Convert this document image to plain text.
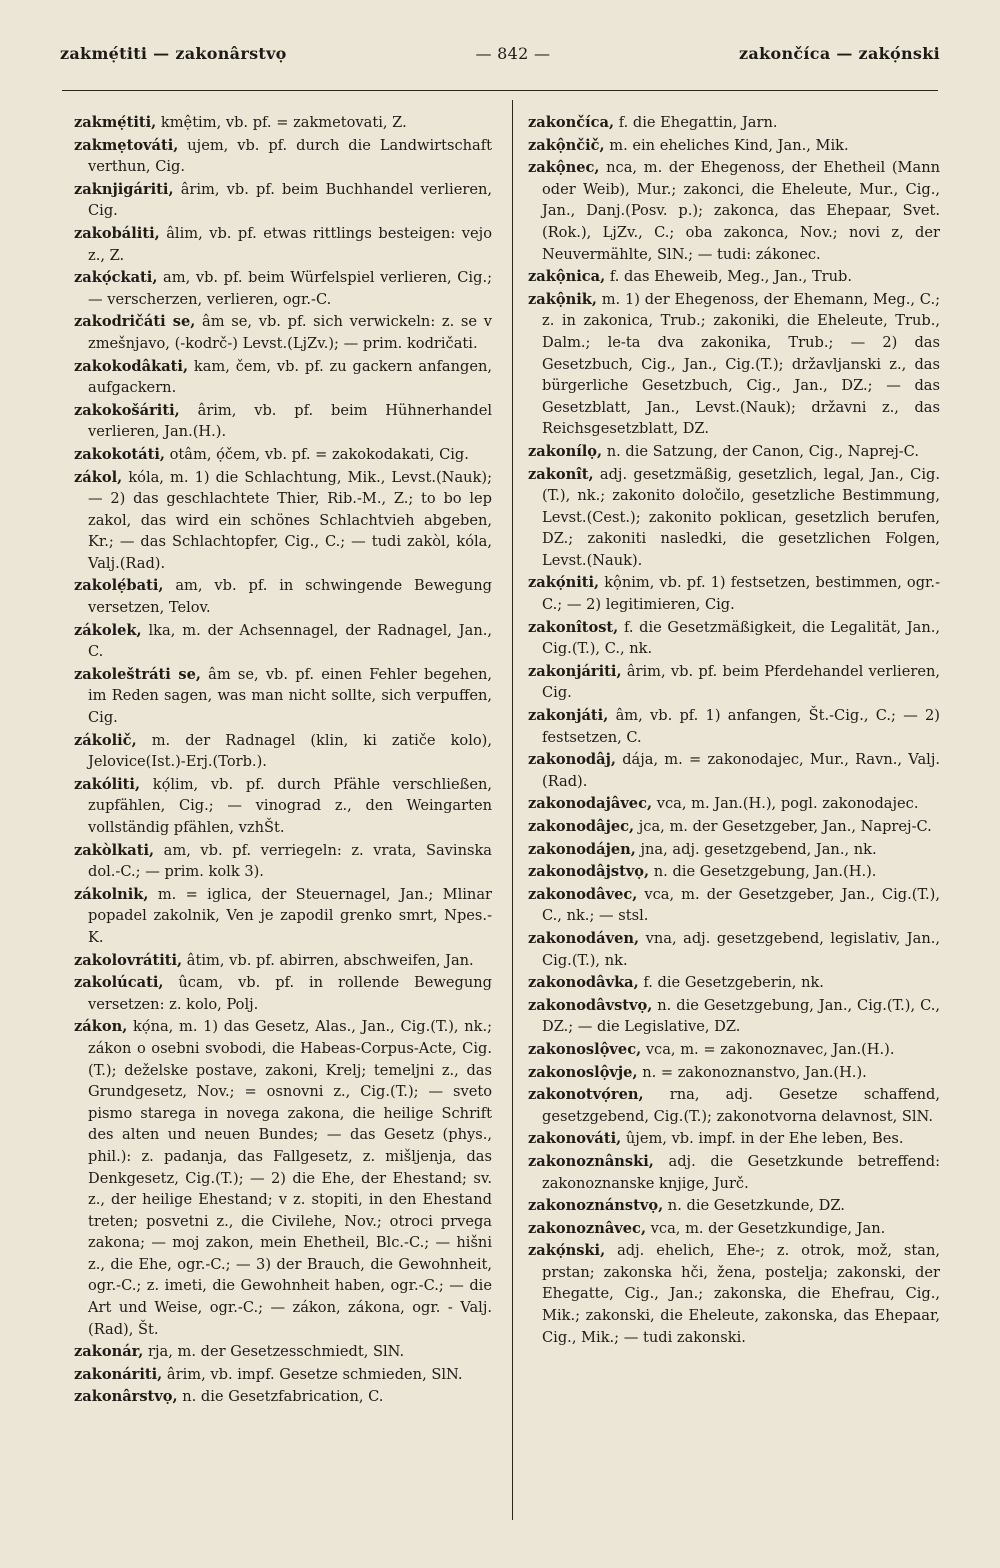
zakmẹ́titi — zakonârstvọ	— 842 —	zakončíca — zakọ́nski
zakmẹ́titi, kmệtim, vb. pf. = zakmetovati, Z.
zakmẹtováti, ujem, vb. pf. durch die Landwirtschaft verthun, Cig.
zaknjigáriti, ârim, vb. pf. beim Buchhandel verlieren, Cig.
zakobáliti, âlim, vb. pf. etwas rittlings besteigen: vejo z., Z.
zakọ́ckati, am, vb. pf. beim Würfelspiel verlieren, Cig.; — verscherzen, verlieren, ogr.-C.
zakodričáti se, âm se, vb. pf. sich verwickeln: z. se v zmešnjavo, (-kodrč-) Levst.(LjZv.); — prim. kodričati.
zakokodâkati, kam, čem, vb. pf. zu gackern anfangen, aufgackern.
zakokošáriti, ârim, vb. pf. beim Hühnerhandel verlieren, Jan.(H.).
zakokotáti, otâm, ọ́čem, vb. pf. = zakokodakati, Cig.
zákol, kóla, m. 1) die Schlachtung, Mik., Levst.(Nauk); — 2) das geschlachtete Thier, Rib.-M., Z.; to bo lep zakol, das wird ein schönes Schlachtvieh abgeben, Kr.; — das Schlachtopfer, Cig., C.; — tudi zakòl, kóla, Valj.(Rad).
zakolẹ́bati, am, vb. pf. in schwingende Bewegung versetzen, Telov.
zákolek, lka, m. der Achsennagel, der Radnagel, Jan., C.
zakoleštráti se, âm se, vb. pf. einen Fehler begehen, im Reden sagen, was man nicht sollte, sich verpuffen, Cig.
zákolič, m. der Radnagel (klin, ki zatiče kolo), Jelovice(Ist.)-Erj.(Torb.).
zakóliti, kọ́lim, vb. pf. durch Pfähle verschließen, zupfählen, Cig.; — vinograd z., den Weingarten vollständig pfählen, vzhŠt.
zakòlkati, am, vb. pf. verriegeln: z. vrata, Savinska dol.-C.; — prim. kolk 3).
zákolnik, m. = iglica, der Steuernagel, Jan.; Mlinar popadel zakolnik, Ven je zapodil grenko smrt, Npes.-K.
zakolovrátiti, âtim, vb. pf. abirren, abschweifen, Jan.
zakolúcati, ûcam, vb. pf. in rollende Bewegung versetzen: z. kolo, Polj.
zákon, kọ́na, m. 1) das Gesetz, Alas., Jan., Cig.(T.), nk.; zákon o osebni svobodi, die Habeas-Corpus-Acte, Cig.(T.); deželske postave, zakoni, Krelj; temeljni z., das Grundgesetz, Nov.; = osnovni z., Cig.(T.); — sveto pismo starega in novega zakona, die heilige Schrift des alten und neuen Bundes; — das Gesetz (phys., phil.): z. padanja, das Fallgesetz, z. mišljenja, das Denkgesetz, Cig.(T.); — 2) die Ehe, der Ehestand; sv. z., der heilige Ehestand; v z. stopiti, in den Ehestand treten; posvetni z., die Civilehe, Nov.; otroci prvega zakona; — moj zakon, mein Ehetheil, Blc.-C.; — hišni z., die Ehe, ogr.-C.; — 3) der Brauch, die Gewohnheit, ogr.-C.; z. imeti, die Gewohnheit haben, ogr.-C.; — die Art und Weise, ogr.-C.; — zákon, zákona, ogr. - Valj. (Rad), Št.
zakonár, rja, m. der Gesetzesschmiedt, SlN.
zakonáriti, ârim, vb. impf. Gesetze schmieden, SlN.
zakonârstvọ, n. die Gesetzfabrication, C.
zakončíca, f. die Ehegattin, Jarn.
zakộnčič, m. ein eheliches Kind, Jan., Mik.
zakộnec, nca, m. der Ehegenoss, der Ehetheil (Mann oder Weib), Mur.; zakonci, die Eheleute, Mur., Cig., Jan., Danj.(Posv. p.); zakonca, das Ehepaar, Svet.(Rok.), LjZv., C.; oba zakonca, Nov.; novi z, der Neuvermählte, SlN.; — tudi: zákonec.
zakộnica, f. das Eheweib, Meg., Jan., Trub.
zakộnik, m. 1) der Ehegenoss, der Ehemann, Meg., C.; z. in zakonica, Trub.; zakoniki, die Eheleute, Trub., Dalm.; le-ta dva zakonika, Trub.; — 2) das Gesetzbuch, Cig., Jan., Cig.(T.); državljanski z., das bürgerliche Gesetzbuch, Cig., Jan., DZ.; — das Gesetzblatt, Jan., Levst.(Nauk); državni z., das Reichsgesetzblatt, DZ.
zakonílọ, n. die Satzung, der Canon, Cig., Naprej-C.
zakonît, adj. gesetzmäßig, gesetzlich, legal, Jan., Cig.(T.), nk.; zakonito določilo, gesetzliche Bestimmung, Levst.(Cest.); zakonito poklican, gesetzlich berufen, DZ.; zakoniti nasledki, die gesetzlichen Folgen, Levst.(Nauk).
zakọ́niti, kộnim, vb. pf. 1) festsetzen, bestimmen, ogr.-C.; — 2) legitimieren, Cig.
zakonîtost, f. die Gesetzmäßigkeit, die Legalität, Jan., Cig.(T.), C., nk.
zakonjáriti, ârim, vb. pf. beim Pferdehandel verlieren, Cig.
zakonjáti, âm, vb. pf. 1) anfangen, Št.-Cig., C.; — 2) festsetzen, C.
zakonodâj, dája, m. = zakonodajec, Mur., Ravn., Valj.(Rad).
zakonodajâvec, vca, m. Jan.(H.), pogl. zakonodajec.
zakonodâjec, jca, m. der Gesetzgeber, Jan., Naprej-C.
zakonodájen, jna, adj. gesetzgebend, Jan., nk.
zakonodâjstvọ, n. die Gesetzgebung, Jan.(H.).
zakonodâvec, vca, m. der Gesetzgeber, Jan., Cig.(T.), C., nk.; — stsl.
zakonodáven, vna, adj. gesetzgebend, legislativ, Jan., Cig.(T.), nk.
zakonodâvka, f. die Gesetzgeberin, nk.
zakonodâvstvọ, n. die Gesetzgebung, Jan., Cig.(T.), C., DZ.; — die Legislative, DZ.
zakonoslộvec, vca, m. = zakonoznavec, Jan.(H.).
zakonoslộvje, n. = zakonoznanstvo, Jan.(H.).
zakonotvọ́ren, rna, adj. Gesetze schaffend, gesetzgebend, Cig.(T.); zakonotvorna delavnost, SlN.
zakonováti, ûjem, vb. impf. in der Ehe leben, Bes.
zakonoznânski, adj. die Gesetzkunde betreffend: zakonoznanske knjige, Jurč.
zakonoznánstvọ, n. die Gesetzkunde, DZ.
zakonoznâvec, vca, m. der Gesetzkundige, Jan.
zakọ́nski, adj. ehelich, Ehe-; z. otrok, mož, stan, prstan; zakonska hči, žena, postelja; zakonski, der Ehegatte, Cig., Jan.; zakonska, die Ehefrau, Cig., Mik.; zakonski, die Eheleute, zakonska, das Ehepaar, Cig., Mik.; — tudi zakonski.
